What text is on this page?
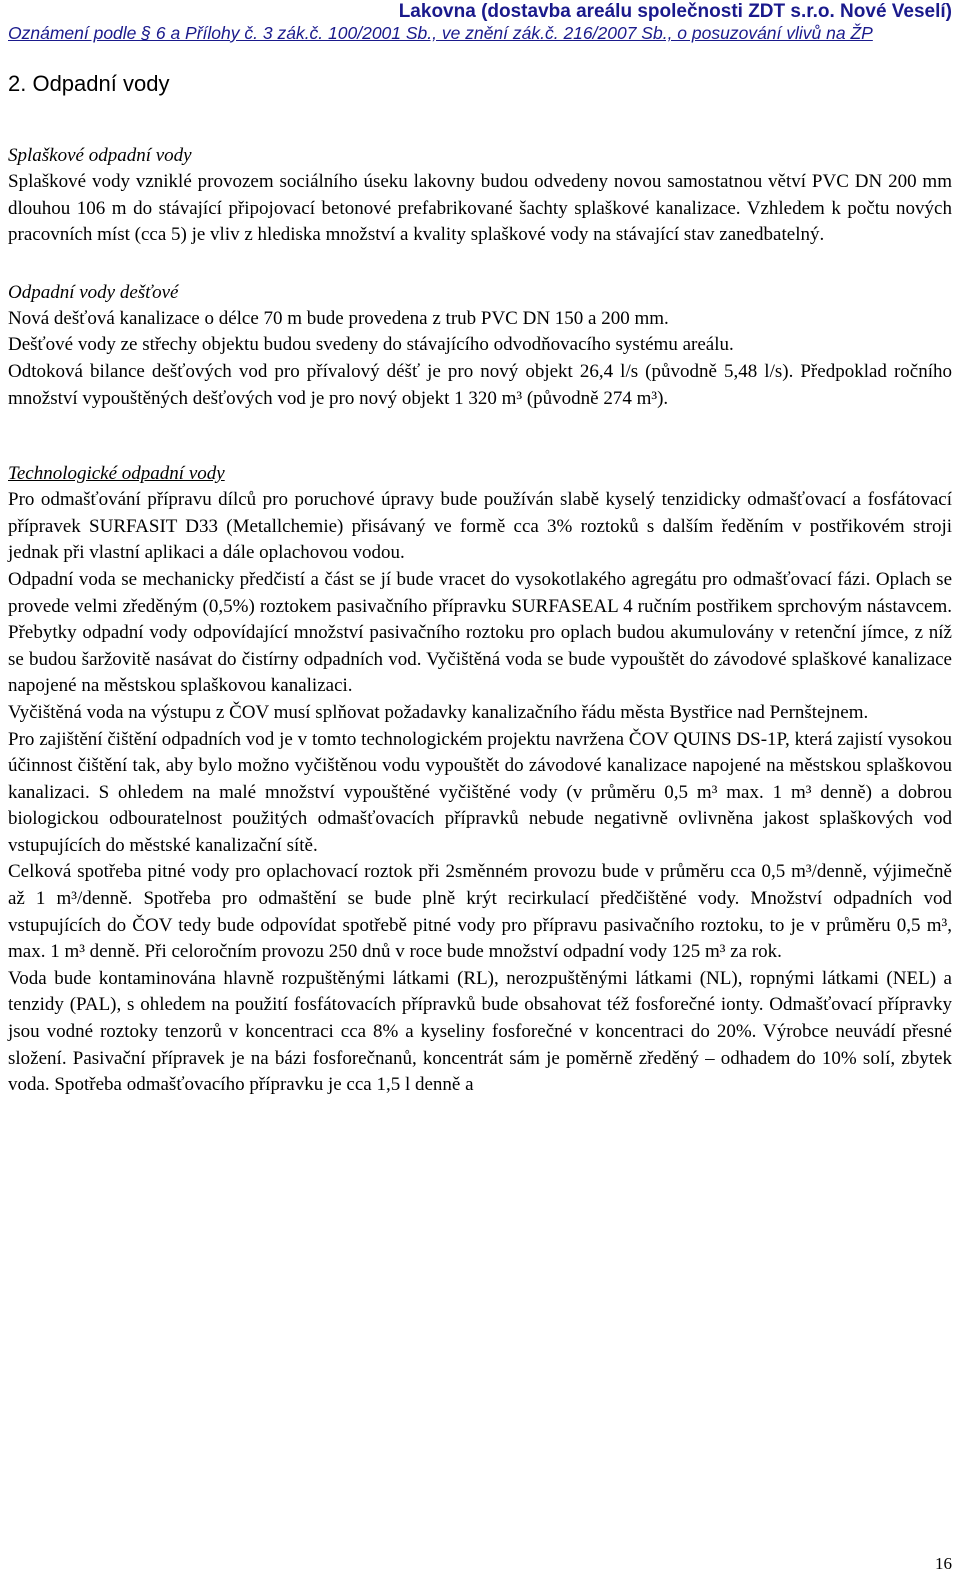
Lakovna (dostavba areálu společnosti ZDT s.r.o. Nové Veselí)
Oznámení podle § 6 a Přílohy č. 3 zák.č. 100/2001 Sb., ve znění zák.č. 216/2007 Sb., o posuzování vlivů na ŽP
2. Odpadní vody
Splaškové odpadní vody

Splaškové vody vzniklé provozem sociálního úseku lakovny budou odvedeny novou samostatnou větví PVC DN 200 mm dlouhou 106 m do stávající připojovací betonové prefabrikované šachty splaškové kanalizace. Vzhledem k počtu nových pracovních míst (cca 5) je vliv z hlediska množství a kvality splaškové vody na stávající stav zanedbatelný.

Odpadní vody dešťové

Nová dešťová kanalizace o délce 70 m bude provedena z trub PVC DN 150 a 200 mm.

Dešťové vody ze střechy objektu budou svedeny do stávajícího odvodňovacího systému areálu.

Odtoková bilance dešťových vod pro přívalový déšť je pro nový objekt 26,4 l/s (původně 5,48 l/s). Předpoklad ročního množství vypouštěných dešťových vod je pro nový objekt 1 320 m³ (původně 274 m³).

Technologické odpadní vody

Pro odmašťování přípravu dílců pro poruchové úpravy bude používán slabě kyselý tenzidicky odmašťovací a fosfátovací přípravek SURFASIT D33 (Metallchemie) přisávaný ve formě cca 3% roztoků s dalším ředěním v postřikovém stroji jednak při vlastní aplikaci a dále oplachovou vodou.

Odpadní voda se mechanicky předčistí a část se jí bude vracet do vysokotlakého agregátu pro odmašťovací fázi. Oplach se provede velmi zředěným (0,5%) roztokem pasivačního přípravku SURFASEAL 4 ručním postřikem sprchovým nástavcem. Přebytky odpadní vody odpovídající množství pasivačního roztoku pro oplach budou akumulovány v retenční jímce, z níž se budou šaržovitě nasávat do čistírny odpadních vod. Vyčištěná voda se bude vypouštět do závodové splaškové kanalizace napojené na městskou splaškovou kanalizaci.

Vyčištěná voda na výstupu z ČOV musí splňovat požadavky kanalizačního řádu města Bystřice nad Pernštejnem.

Pro zajištění čištění odpadních vod je v tomto technologickém projektu navržena ČOV QUINS DS-1P, která zajistí vysokou účinnost čištění tak, aby bylo možno vyčištěnou vodu vypouštět do závodové kanalizace napojené na městskou splaškovou kanalizaci. S ohledem na malé množství vypouštěné vyčištěné vody (v průměru 0,5 m³ max. 1 m³ denně) a dobrou biologickou odbouratelnost použitých odmašťovacích přípravků nebude negativně ovlivněna jakost splaškových vod vstupujících do městské kanalizační sítě.

Celková spotřeba pitné vody pro oplachovací roztok při 2směnném provozu bude v průměru cca 0,5 m³/denně, výjimečně až 1 m³/denně. Spotřeba pro odmaštění se bude plně krýt recirkulací předčištěné vody. Množství odpadních vod vstupujících do ČOV tedy bude odpovídat spotřebě pitné vody pro přípravu pasivačního roztoku, to je v průměru 0,5 m³, max. 1 m³ denně. Při celoročním provozu 250 dnů v roce bude množství odpadní vody 125 m³ za rok.

Voda bude kontaminována hlavně rozpuštěnými látkami (RL), nerozpuštěnými látkami (NL), ropnými látkami (NEL) a tenzidy (PAL), s ohledem na použití fosfátovacích přípravků bude obsahovat též fosforečné ionty. Odmašťovací přípravky jsou vodné roztoky tenzorů v koncentraci cca 8% a kyseliny fosforečné v koncentraci do 20%. Výrobce neuvádí přesné složení. Pasivační přípravek je na bázi fosforečnanů, koncentrát sám je poměrně zředěný – odhadem do 10% solí, zbytek voda. Spotřeba odmašťovacího přípravku je cca 1,5 l denně a

16
